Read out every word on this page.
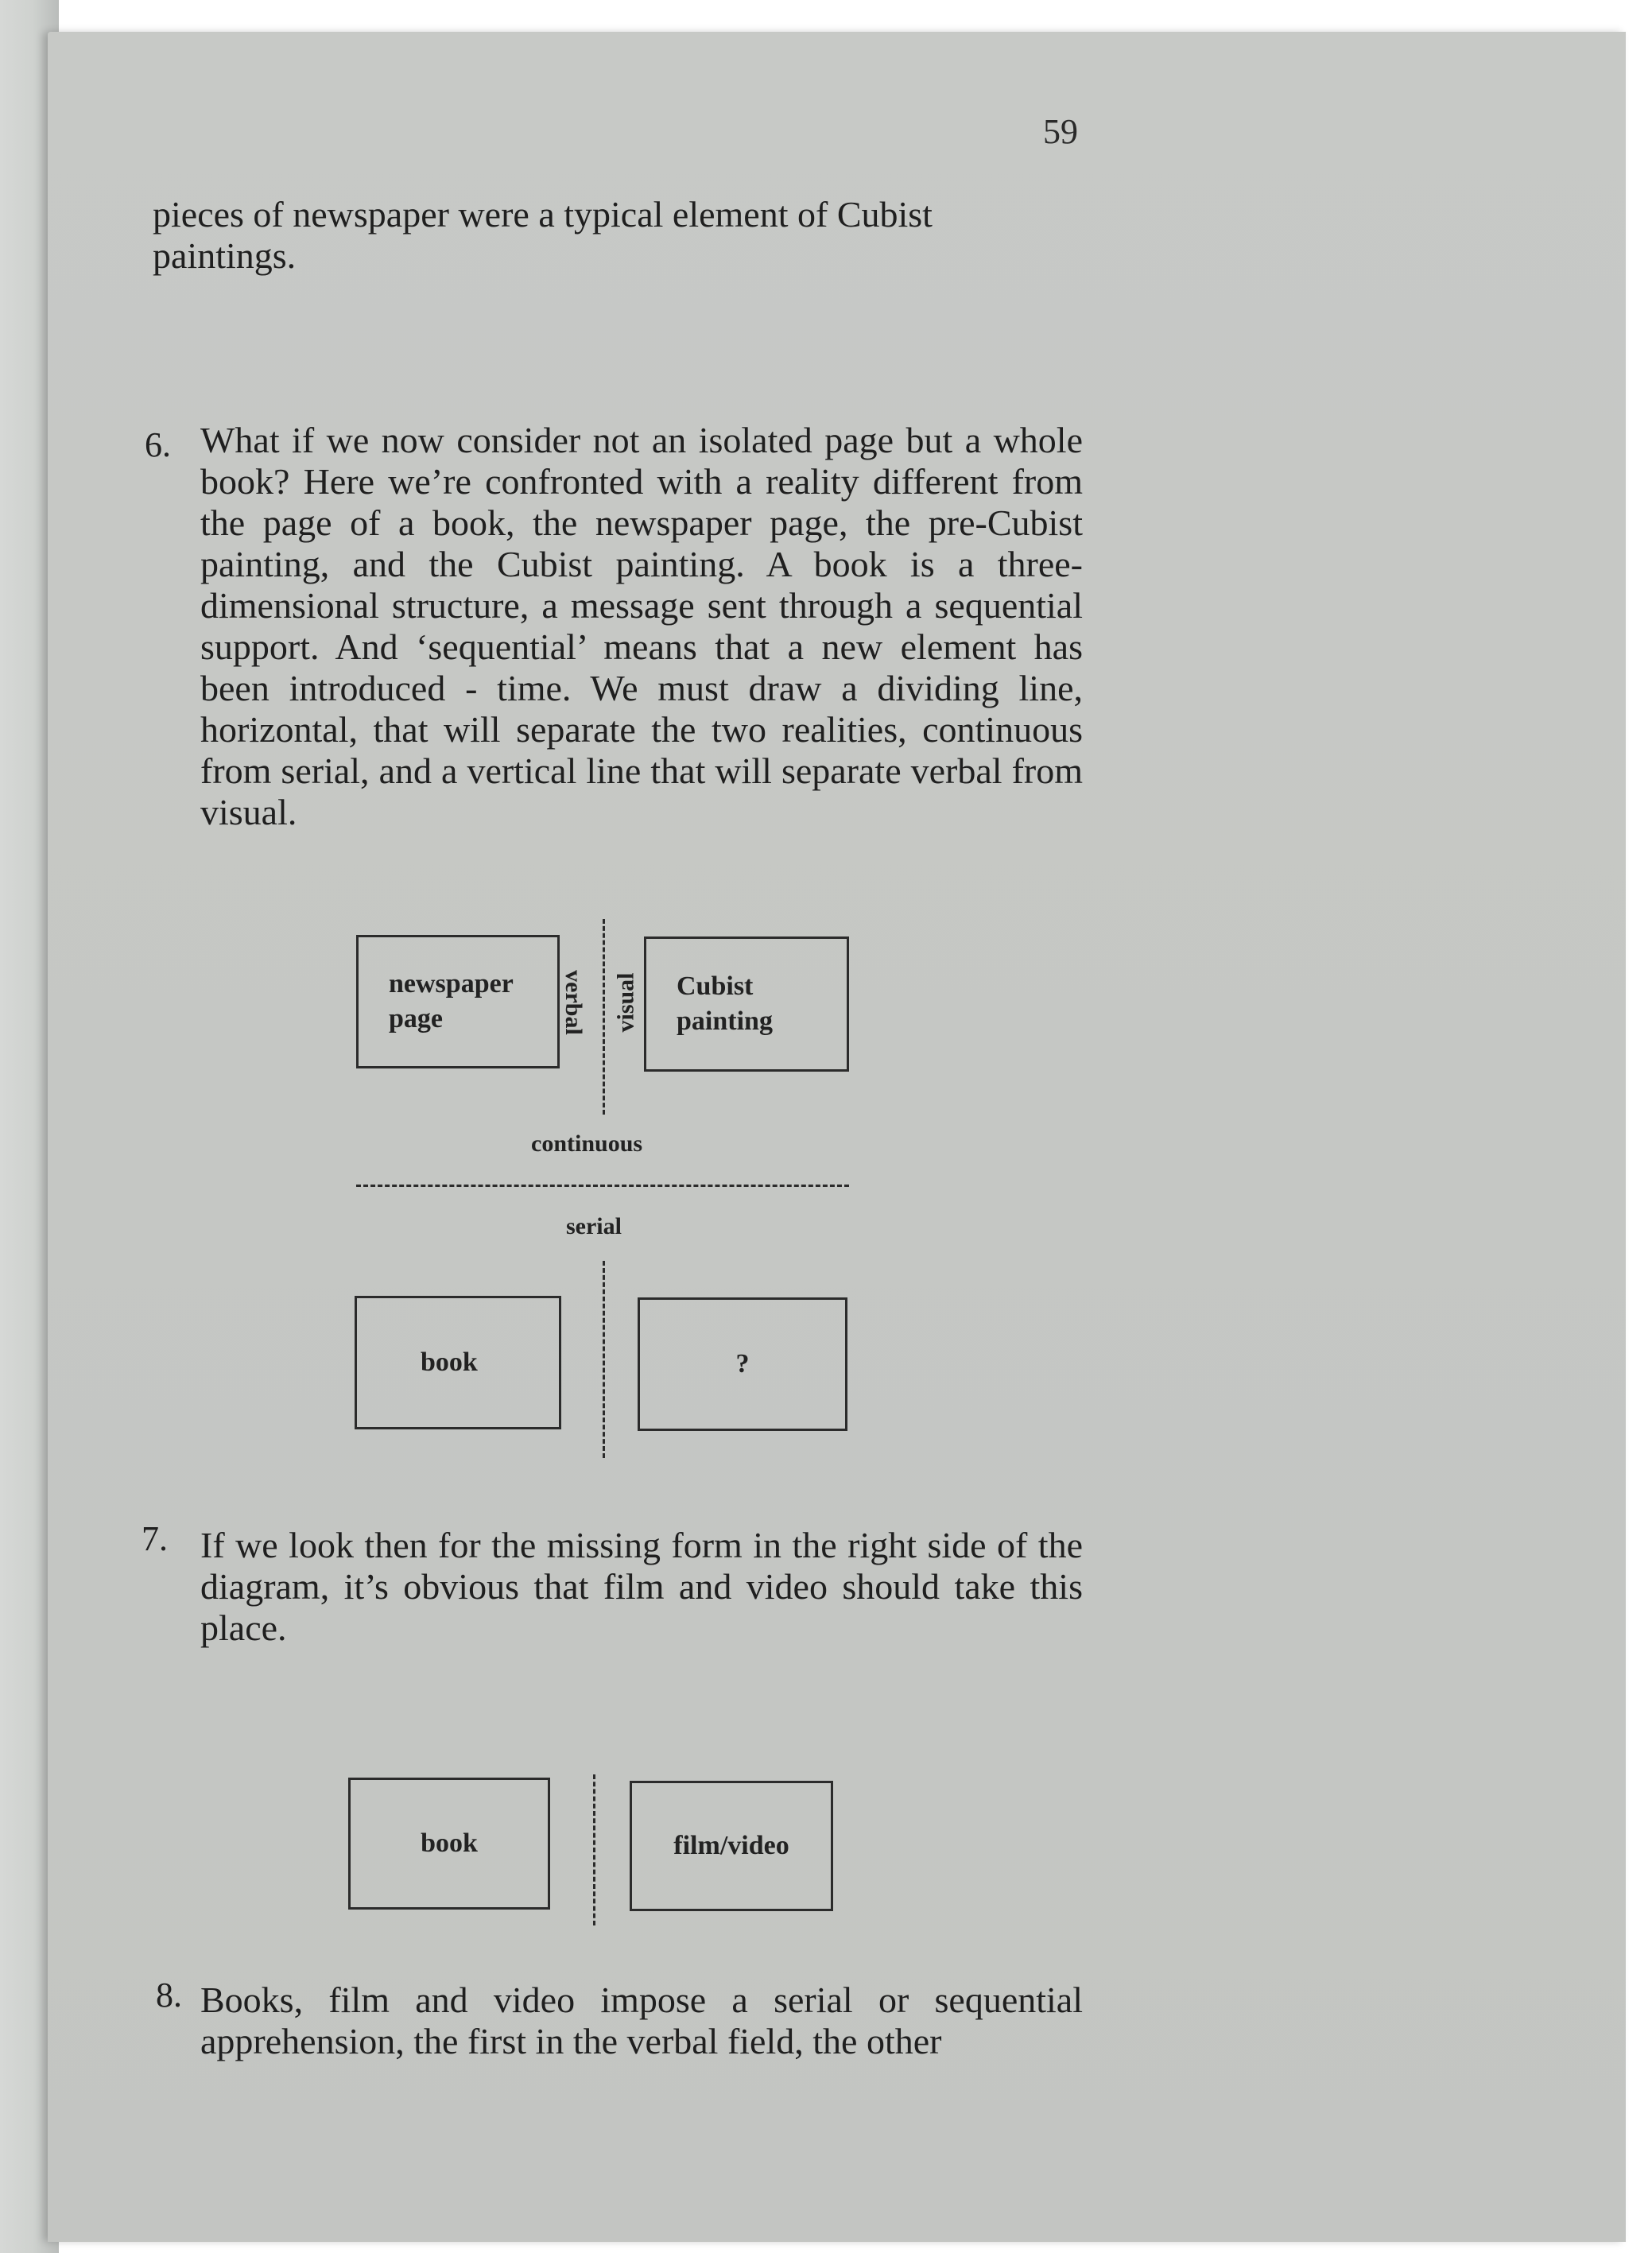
59

pieces of newspaper were a typical element of Cubist paintings.

6. What if we now consider not an isolated page but a whole book? Here we’re confronted with a reality different from the page of a book, the newspaper page, the pre-Cubist painting, and the Cubist painting. A book is a three-dimensional structure, a message sent through a sequential support. And ‘sequential’ means that a new element has been introduced - time. We must draw a dividing line, horizontal, that will separate the two realities, continuous from serial, and a vertical line that will separate verbal from visual.

newspaper
page	verbal visual Cubist
painting
continuous
serial
book	?
7. If we look then for the missing form in the right side of the diagram, it’s obvious that film and video should take this place.

book	film/video
8. Books, film and video impose a serial or sequential apprehension, the first in the verbal field, the other
